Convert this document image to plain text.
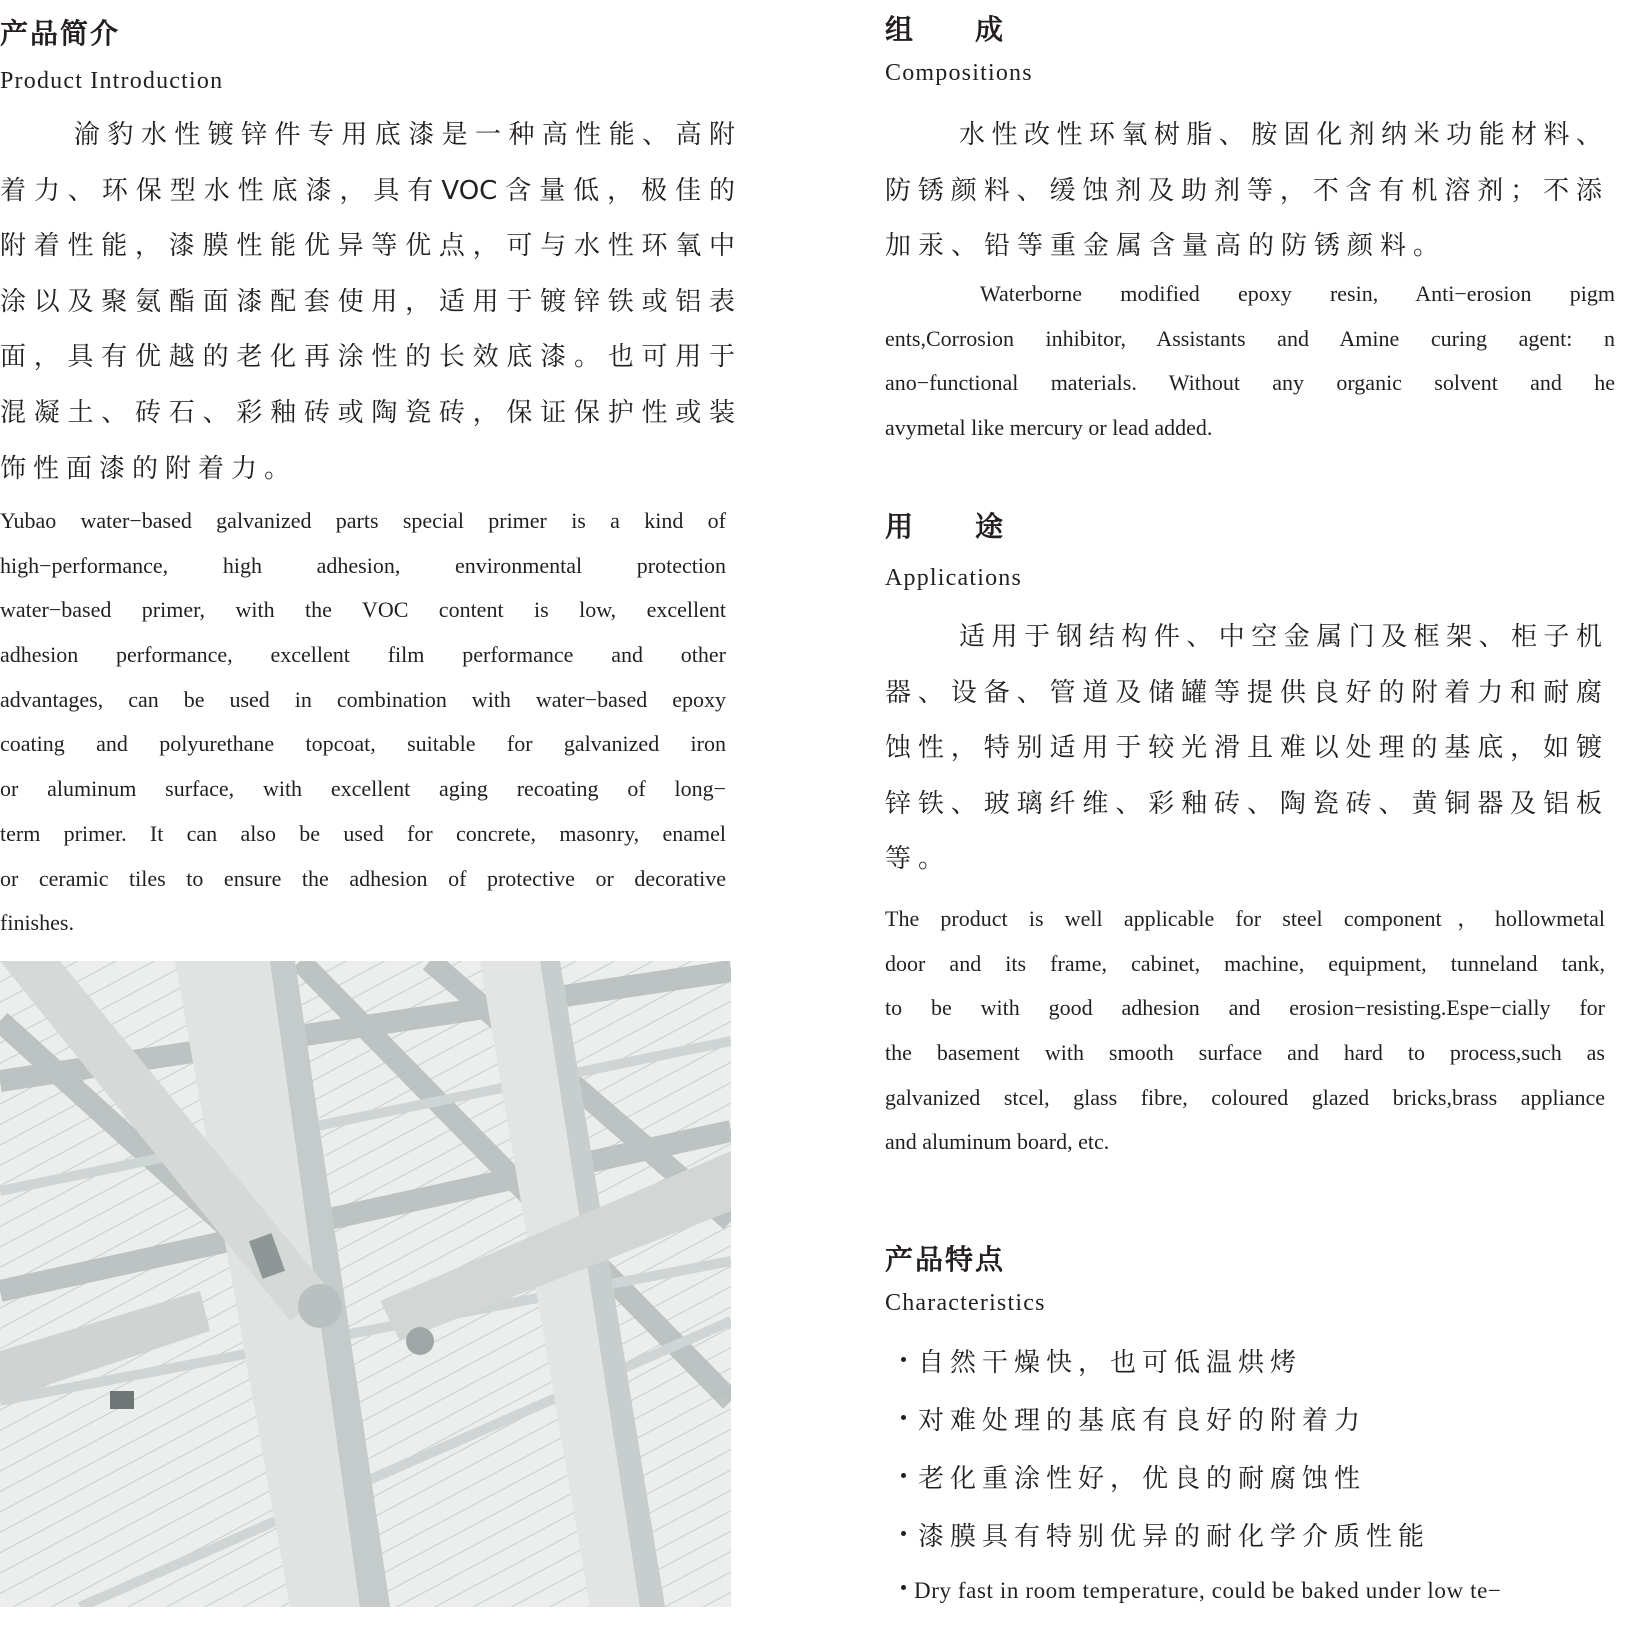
产品简介
Product Introduction
渝豹水性镀锌件专用底漆是一种高性能、高附
着力、环保型水性底漆，具有VOC含量低，极佳的
附着性能，漆膜性能优异等优点，可与水性环氧中
涂以及聚氨酯面漆配套使用，适用于镀锌铁或铝表
面，具有优越的老化再涂性的长效底漆。也可用于
混凝土、砖石、彩釉砖或陶瓷砖，保证保护性或装
饰性面漆的附着力。
Yubao water−based galvanized parts special primer is a kind of
high−performance, high adhesion, environmental protection
water−based primer, with the VOC content is low, excellent
adhesion performance, excellent film performance and other
advantages, can be used in combination with water−based epoxy
coating and polyurethane topcoat, suitable for galvanized iron
or aluminum surface, with excellent aging recoating of long−
term primer. It can also be used for concrete, masonry, enamel
or ceramic tiles to ensure the adhesion of protective or decorative
finishes.
组　　成
Compositions
水性改性环氧树脂、胺固化剂纳米功能材料、
防锈颜料、缓蚀剂及助剂等，不含有机溶剂；不添
加汞、铅等重金属含量高的防锈颜料。
Waterborne modified epoxy resin, Anti−erosion pigm
ents,Corrosion inhibitor, Assistants and Amine curing agent: n
ano−functional materials. Without any organic solvent and he
avymetal like mercury or lead added.
用　　途
Applications
适用于钢结构件、中空金属门及框架、柜子机
器、设备、管道及储罐等提供良好的附着力和耐腐
蚀性，特别适用于较光滑且难以处理的基底，如镀
锌铁、玻璃纤维、彩釉砖、陶瓷砖、黄铜器及铝板
等。
The product is well applicable for steel component，hollowmetal
door and its frame, cabinet, machine, equipment, tunneland tank,
to be with good adhesion and erosion−resisting.Espe−cially for
the basement with smooth surface and hard to process,such as
galvanized stcel, glass fibre, coloured glazed bricks,brass appliance
and aluminum board, etc.
产品特点
Characteristics
自然干燥快，也可低温烘烤
对难处理的基底有良好的附着力
老化重涂性好，优良的耐腐蚀性
漆膜具有特别优异的耐化学介质性能
Dry fast in room temperature, could be baked under low te−
